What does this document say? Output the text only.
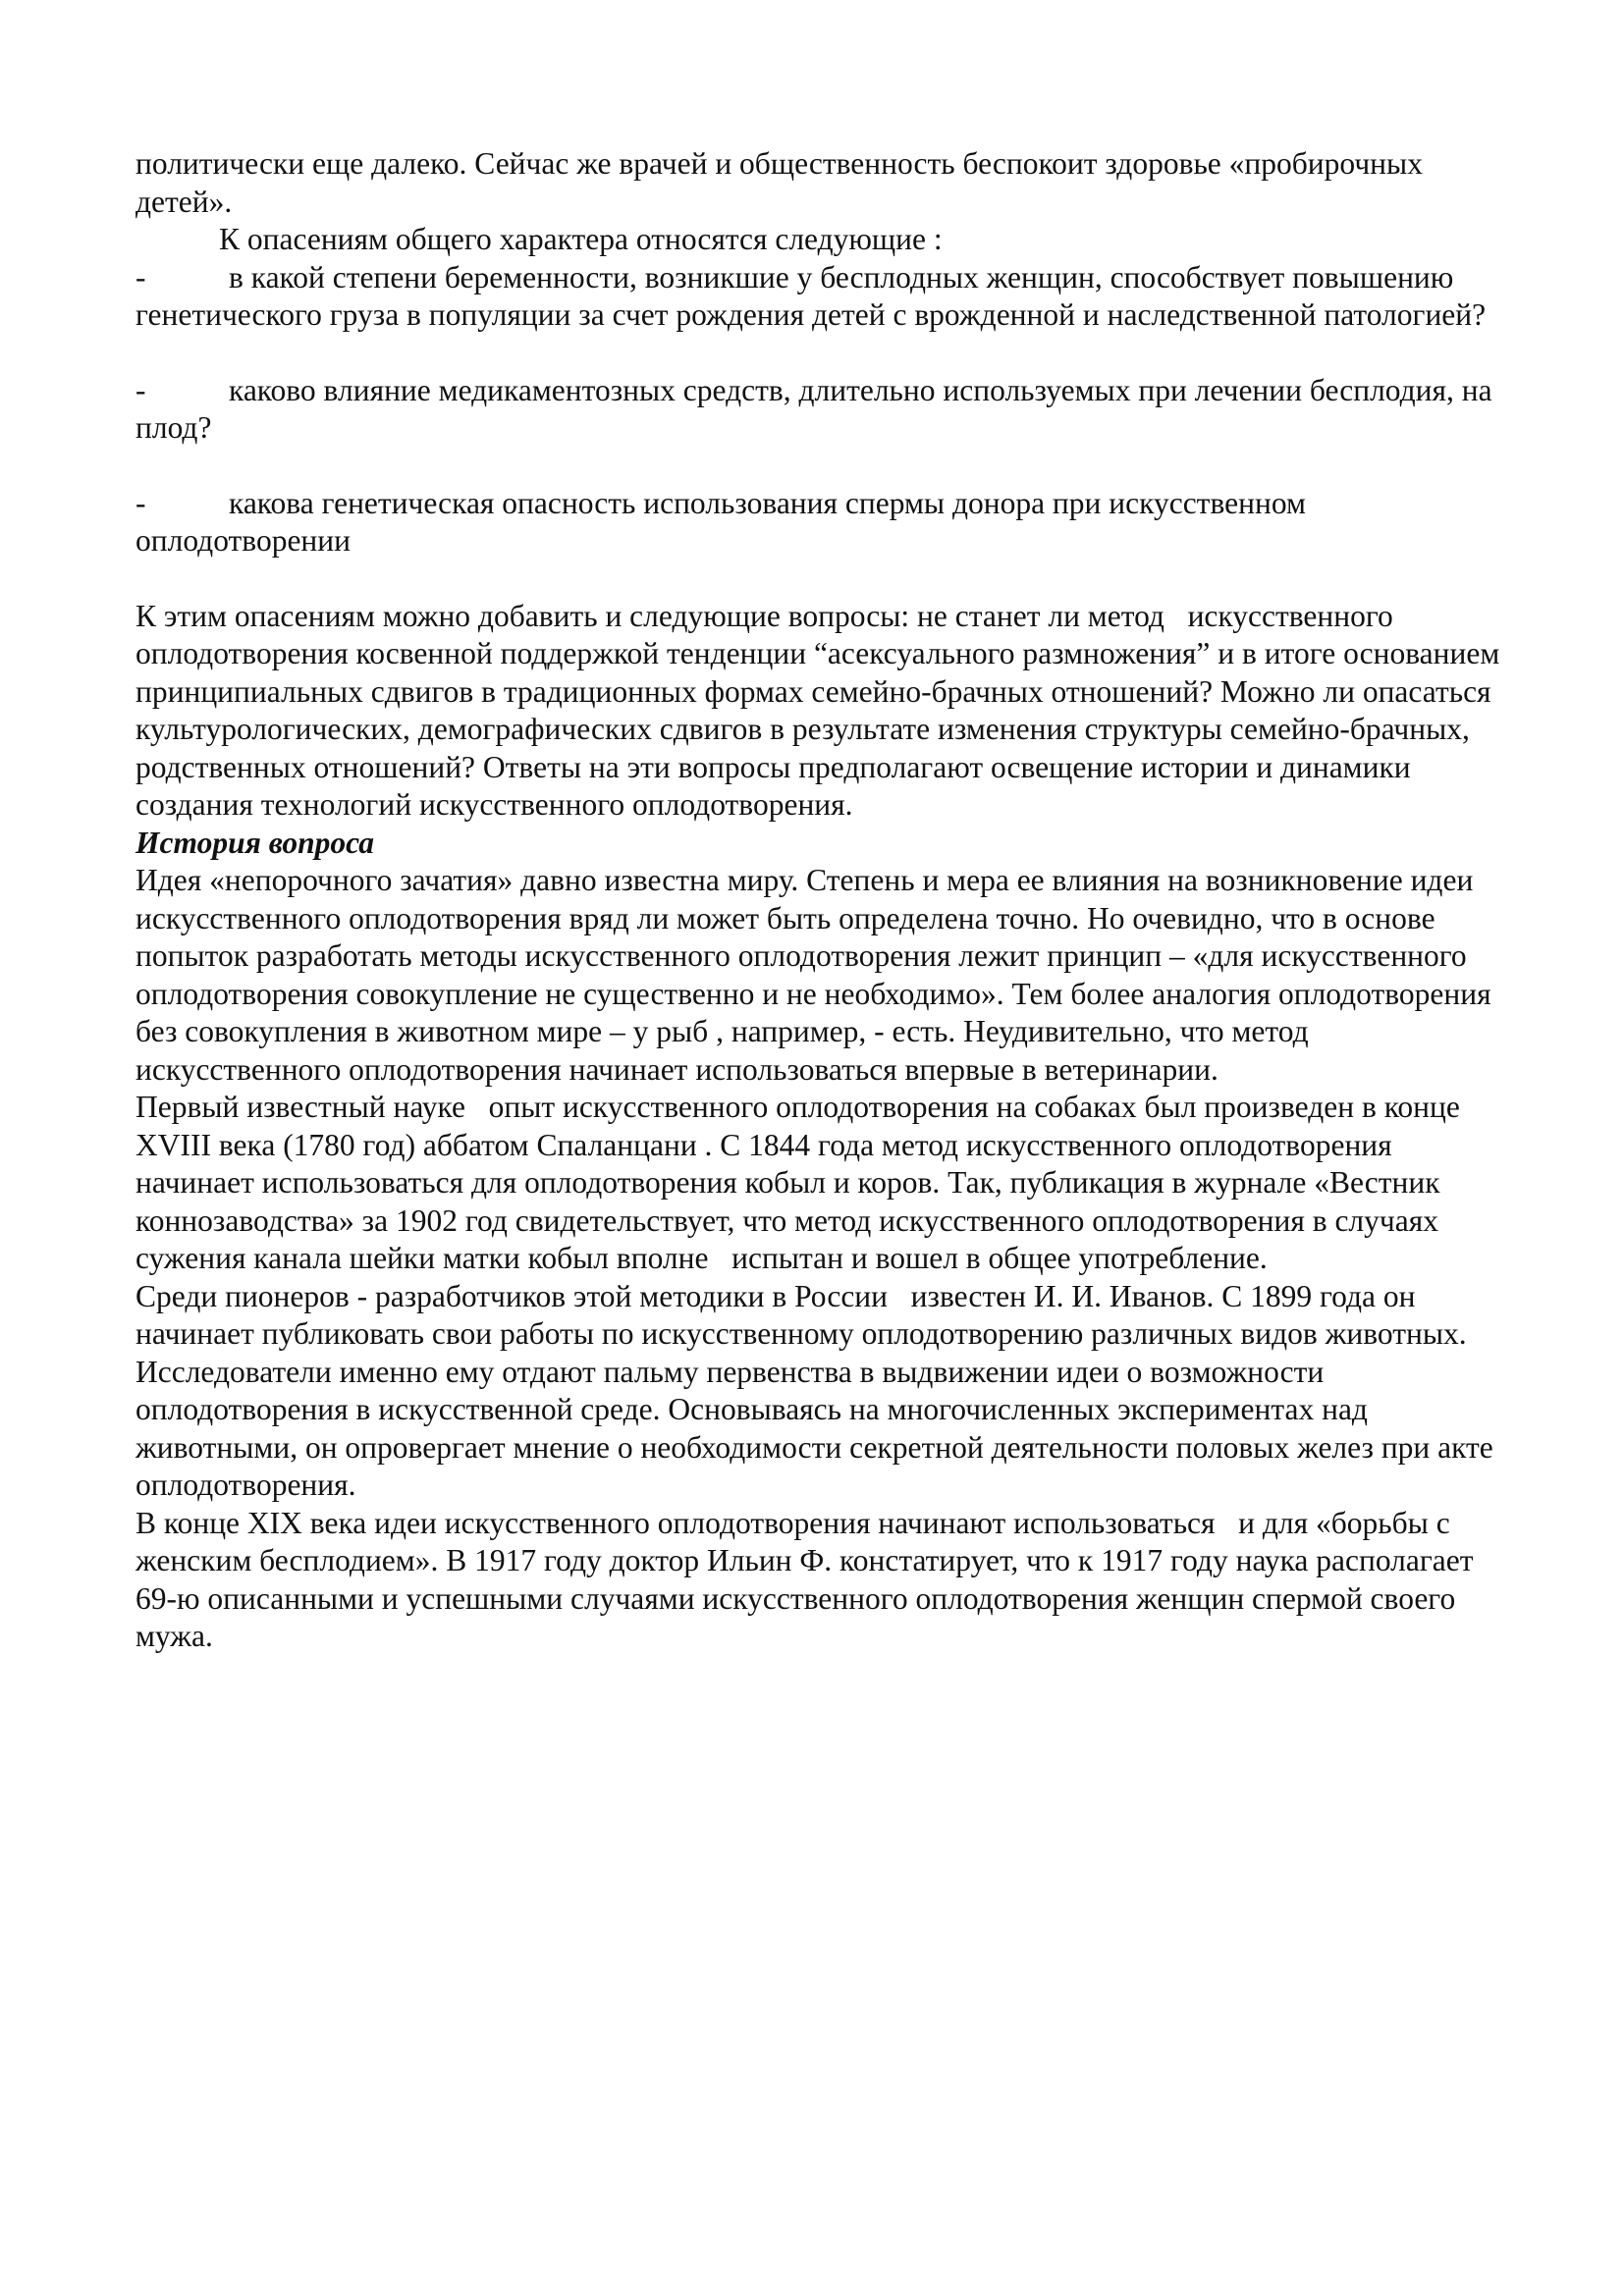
политически еще далеко. Сейчас же врачей и общественность беспокоит здоровье «пробирочных детей».

К опасениям общего характера относятся следующие :

-	в какой степени беременности, возникшие у бесплодных женщин, способствует повышению генетического груза в популяции за счет рождения детей с врожденной и наследственной патологией?
-	каково влияние медикаментозных средств, длительно используемых при лечении бесплодия, на плод?
-	какова генетическая опасность использования спермы донора при искусственном оплодотворении

К этим опасениям можно добавить и следующие вопросы: не станет ли метод   искусственного оплодотворения косвенной поддержкой тенденции “асексуального размножения” и в итоге основанием принципиальных сдвигов в традиционных формах семейно-брачных отношений? Можно ли опасаться культурологических, демографических сдвигов в результате изменения структуры семейно-брачных, родственных отношений? Ответы на эти вопросы предполагают освещение истории и динамики создания технологий искусственного оплодотворения.

История вопроса

Идея «непорочного зачатия» давно известна миру. Степень и мера ее влияния на возникновение идеи искусственного оплодотворения вряд ли может быть определена точно. Но очевидно, что в основе попыток разработать методы искусственного оплодотворения лежит принцип – «для искусственного оплодотворения совокупление не существенно и не необходимо». Тем более аналогия оплодотворения без совокупления в животном мире – у рыб , например, - есть. Неудивительно, что метод искусственного оплодотворения начинает использоваться впервые в ветеринарии.

Первый известный науке   опыт искусственного оплодотворения на собаках был произведен в конце XVIII века (1780 год) аббатом Спаланцани . С 1844 года метод искусственного оплодотворения начинает использоваться для оплодотворения кобыл и коров. Так, публикация в журнале «Вестник коннозаводства» за 1902 год свидетельствует, что метод искусственного оплодотворения в случаях сужения канала шейки матки кобыл вполне   испытан и вошел в общее употребление.

Среди пионеров - разработчиков этой методики в России   известен И. И. Иванов. С 1899 года он начинает публиковать свои работы по искусственному оплодотворению различных видов животных. Исследователи именно ему отдают пальму первенства в выдвижении идеи о возможности оплодотворения в искусственной среде. Основываясь на многочисленных экспериментах над животными, он опровергает мнение о необходимости секретной деятельности половых желез при акте оплодотворения.

В конце XIX века идеи искусственного оплодотворения начинают использоваться   и для «борьбы с женским бесплодием». В 1917 году доктор Ильин Ф. констатирует, что к 1917 году наука располагает 69-ю описанными и успешными случаями искусственного оплодотворения женщин спермой своего мужа.
